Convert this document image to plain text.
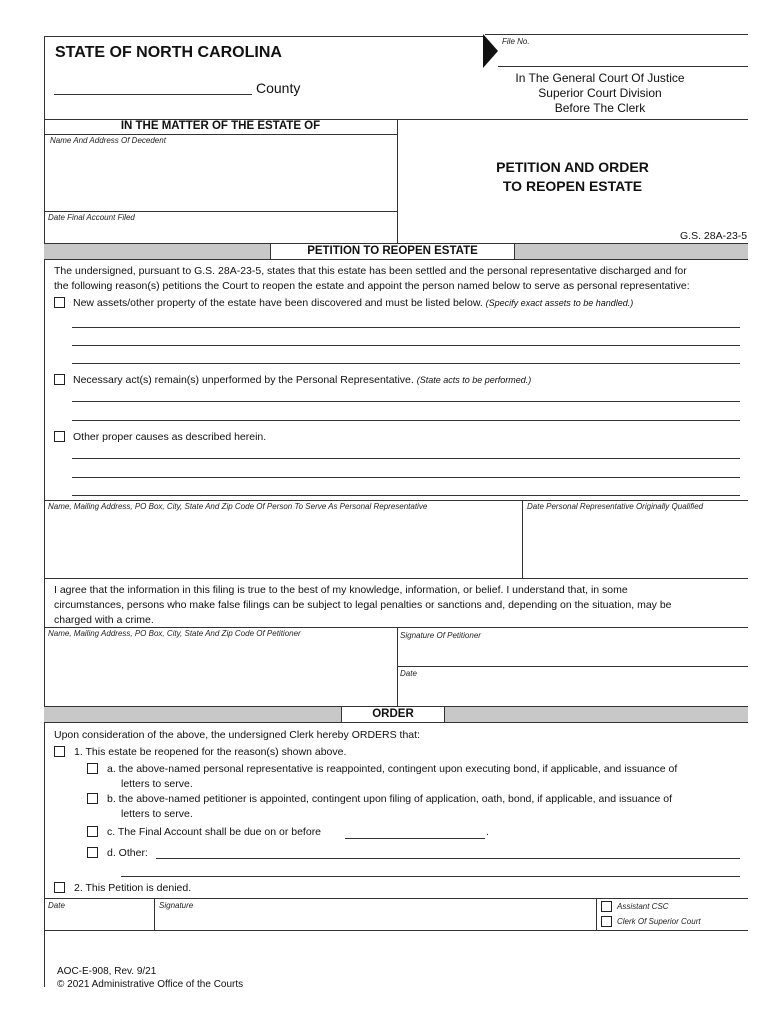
File No.
STATE OF NORTH CAROLINA
County
In The General Court Of Justice
Superior Court Division
Before The Clerk
IN THE MATTER OF THE ESTATE OF
Name And Address Of Decedent
Date Final Account Filed
PETITION AND ORDER
TO REOPEN ESTATE
G.S. 28A-23-5
PETITION TO REOPEN ESTATE
The undersigned, pursuant to G.S. 28A-23-5, states that this estate has been settled and the personal representative discharged and for
the following reason(s) petitions the Court to reopen the estate and appoint the person named below to serve as personal representative:
New assets/other property of the estate have been discovered and must be listed below. (Specify exact assets to be handled.)
Necessary act(s) remain(s) unperformed by the Personal Representative. (State acts to be performed.)
Other proper causes as described herein.
Name, Mailing Address, PO Box, City, State And Zip Code Of Person To Serve As Personal Representative	Date Personal Representative Originally Qualified
I agree that the information in this filing is true to the best of my knowledge, information, or belief. I understand that, in some
circumstances, persons who make false filings can be subject to legal penalties or sanctions and, depending on the situation, may be
charged with a crime.
Name, Mailing Address, PO Box, City, State And Zip Code Of Petitioner	Signature Of Petitioner
Date
ORDER
Upon consideration of the above, the undersigned Clerk hereby ORDERS that:
1. This estate be reopened for the reason(s) shown above.
a. the above-named personal representative is reappointed, contingent upon executing bond, if applicable, and issuance of
letters to serve.
b. the above-named petitioner is appointed, contingent upon filing of application, oath, bond, if applicable, and issuance of
letters to serve.
c. The Final Account shall be due on or before	.
d. Other:
2. This Petition is denied.
Date	Signature	Assistant CSC
Clerk Of Superior Court
AOC-E-908, Rev. 9/21
© 2021 Administrative Office of the Courts
